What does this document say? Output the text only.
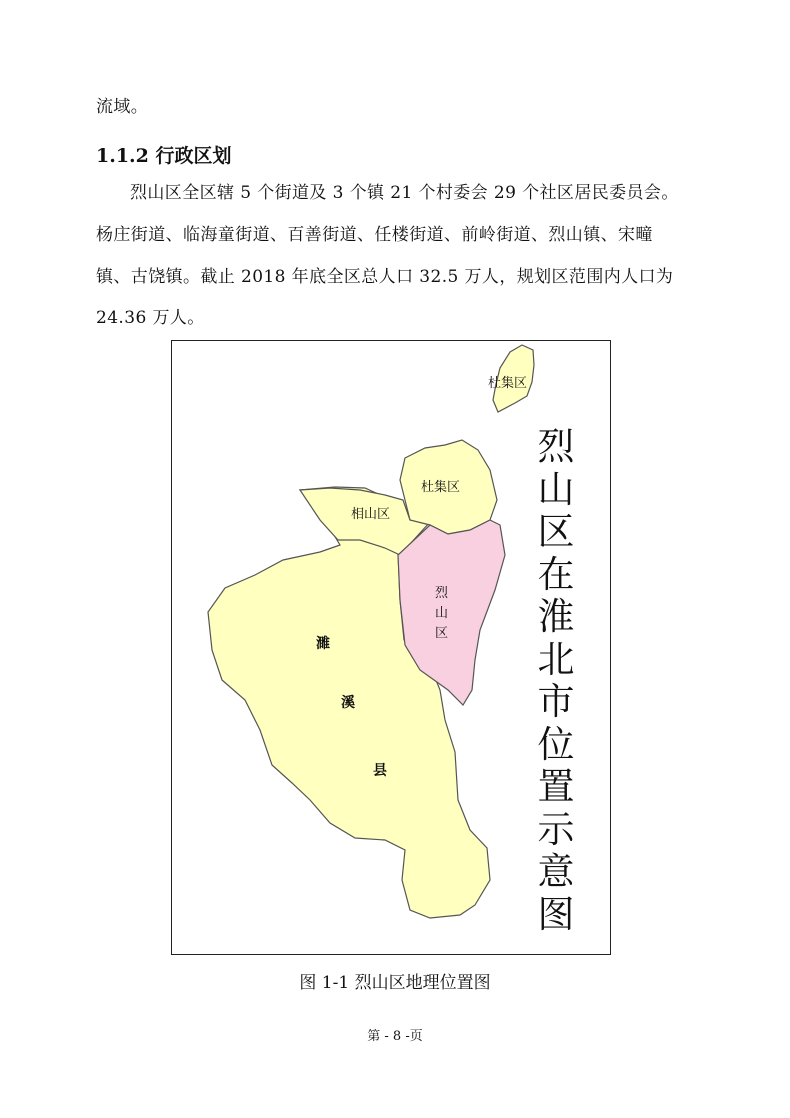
流域。
1.1.2 行政区划
烈山区全区辖 5 个街道及 3 个镇 21 个村委会 29 个社区居民委员会。
杨庄街道、临海童街道、百善街道、任楼街道、前岭街道、烈山镇、宋疃
镇、古饶镇。截止 2018 年底全区总人口 32.5 万人，规划区范围内人口为
24.36 万人。
杜集区
杜集区
相山区
烈
山
区
濉
溪
县
烈
山
区
在
淮
北
市
位
置
示
意
图
图 1-1 烈山区地理位置图
第 - 8 -页
